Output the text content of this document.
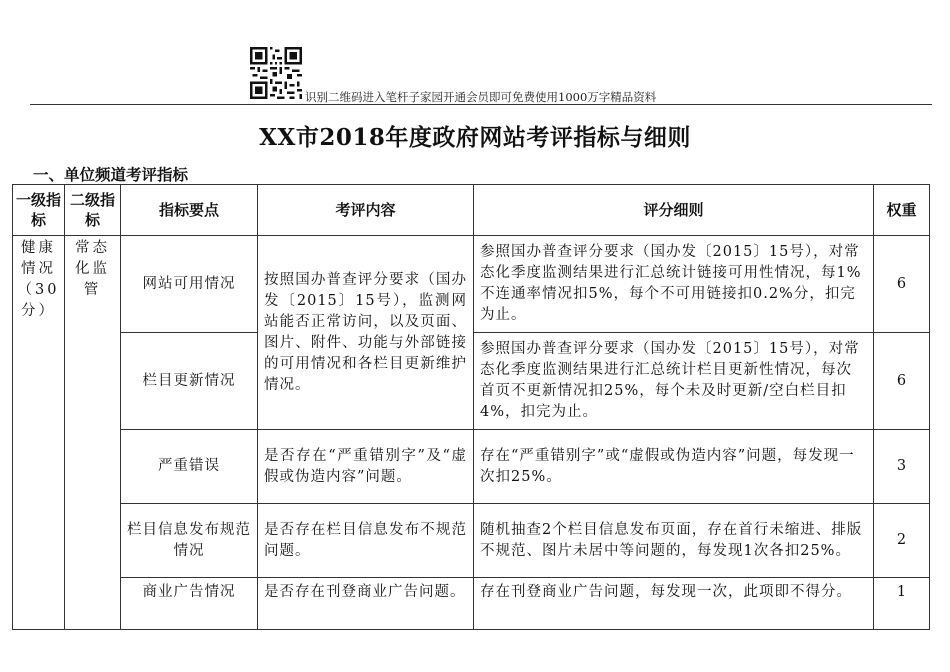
识别二维码进入笔杆子家园开通会员即可免费使用1000万字精品资料
XX市2018年度政府网站考评指标与细则
一、单位频道考评指标
一级指标	二级指标	指标要点	考评内容	评分细则	权重
健康情况（30分）	常态化监管	网站可用情况	按照国办普查评分要求（国办发〔2015〕15号），监测网站能否正常访问，以及页面、图片、附件、功能与外部链接的可用情况和各栏目更新维护情况。	参照国办普查评分要求（国办发〔2015〕15号），对常态化季度监测结果进行汇总统计链接可用性情况，每1%不连通率情况扣5%，每个不可用链接扣0.2%分，扣完为止。	6
		栏目更新情况		参照国办普查评分要求（国办发〔2015〕15号），对常态化季度监测结果进行汇总统计栏目更新性情况，每次首页不更新情况扣25%，每个未及时更新/空白栏目扣4%，扣完为止。	6
		严重错误	是否存在“严重错别字”及“虚假或伪造内容”问题。	存在“严重错别字”或“虚假或伪造内容”问题，每发现一次扣25%。	3
		栏目信息发布规范情况	是否存在栏目信息发布不规范问题。	随机抽查2个栏目信息发布页面，存在首行未缩进、排版不规范、图片未居中等问题的，每发现1次各扣25%。	2
		商业广告情况	是否存在刊登商业广告问题。	存在刊登商业广告问题，每发现一次，此项即不得分。	1
